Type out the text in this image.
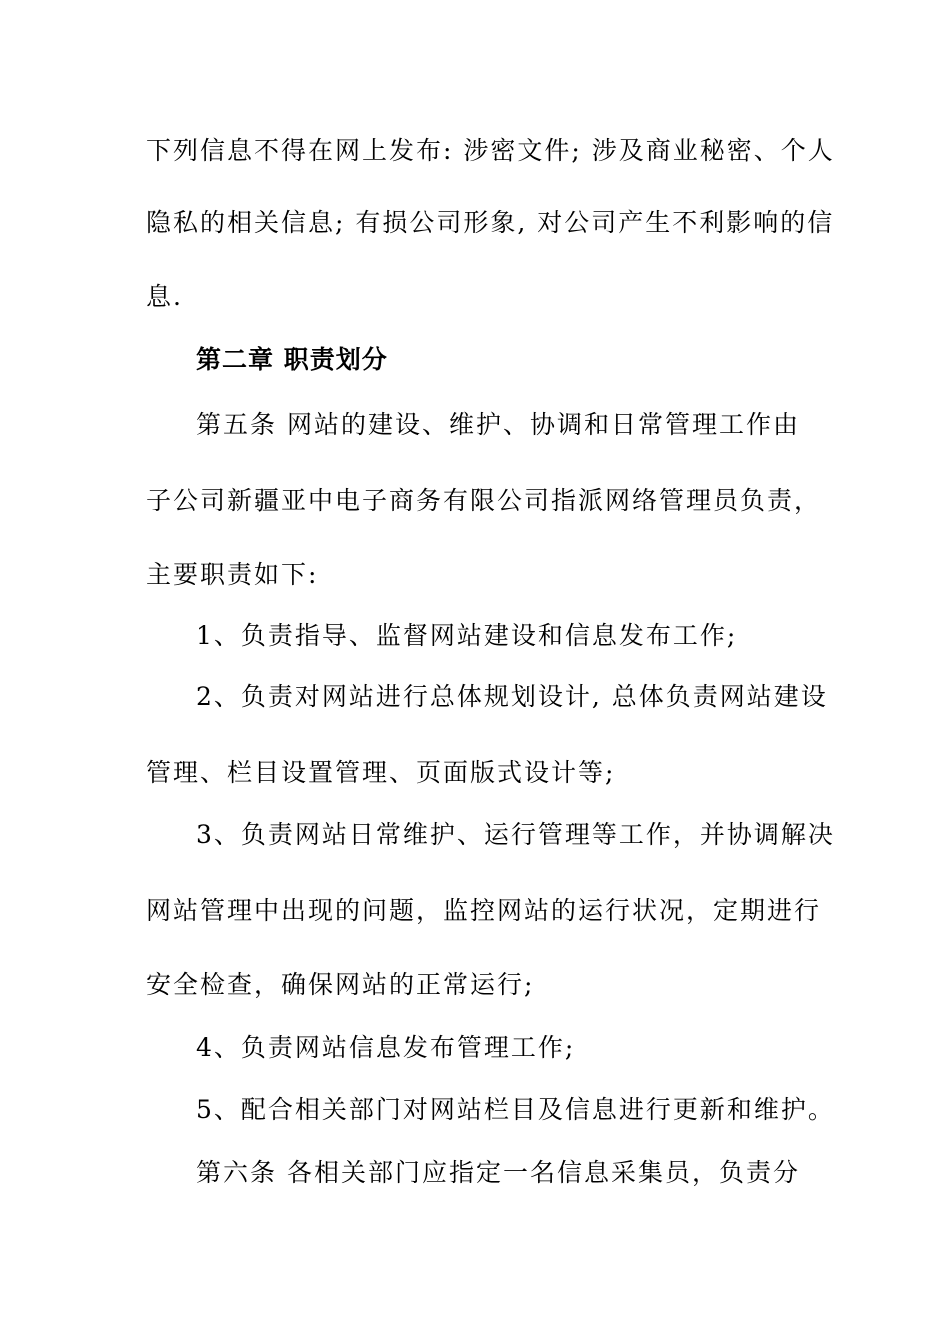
下列信息不得在网上发布: 涉密文件; 涉及商业秘密、个人
隐私的相关信息; 有损公司形象, 对公司产生不利影响的信
息.
第二章 职责划分
第五条 网站的建设、维护、协调和日常管理工作由
子公司新疆亚中电子商务有限公司指派网络管理员负责，
主要职责如下:
1、负责指导、监督网站建设和信息发布工作;
2、负责对网站进行总体规划设计, 总体负责网站建设
管理、栏目设置管理、页面版式设计等;
3、负责网站日常维护、运行管理等工作，并协调解决
网站管理中出现的问题，监控网站的运行状况，定期进行
安全检查，确保网站的正常运行;
4、负责网站信息发布管理工作;
5、配合相关部门对网站栏目及信息进行更新和维护。
第六条 各相关部门应指定一名信息采集员，负责分
